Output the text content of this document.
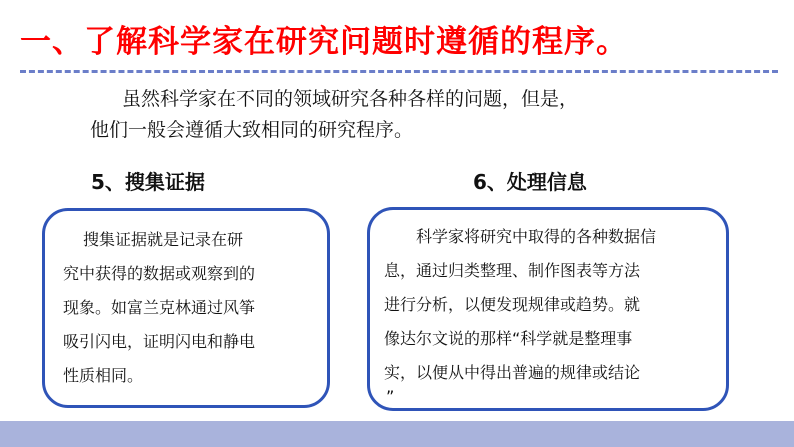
一、了解科学家在研究问题时遵循的程序。
虽然科学家在不同的领域研究各种各样的问题，但是，
他们一般会遵循大致相同的研究程序。
5、搜集证据	6、处理信息
搜集证据就是记录在研
究中获得的数据或观察到的
现象。如富兰克林通过风筝
吸引闪电，证明闪电和静电
性质相同。
科学家将研究中取得的各种数据信
息，通过归类整理、制作图表等方法
进行分析，以便发现规律或趋势。就
像达尔文说的那样“科学就是整理事
实，以便从中得出普遍的规律或结论
”
